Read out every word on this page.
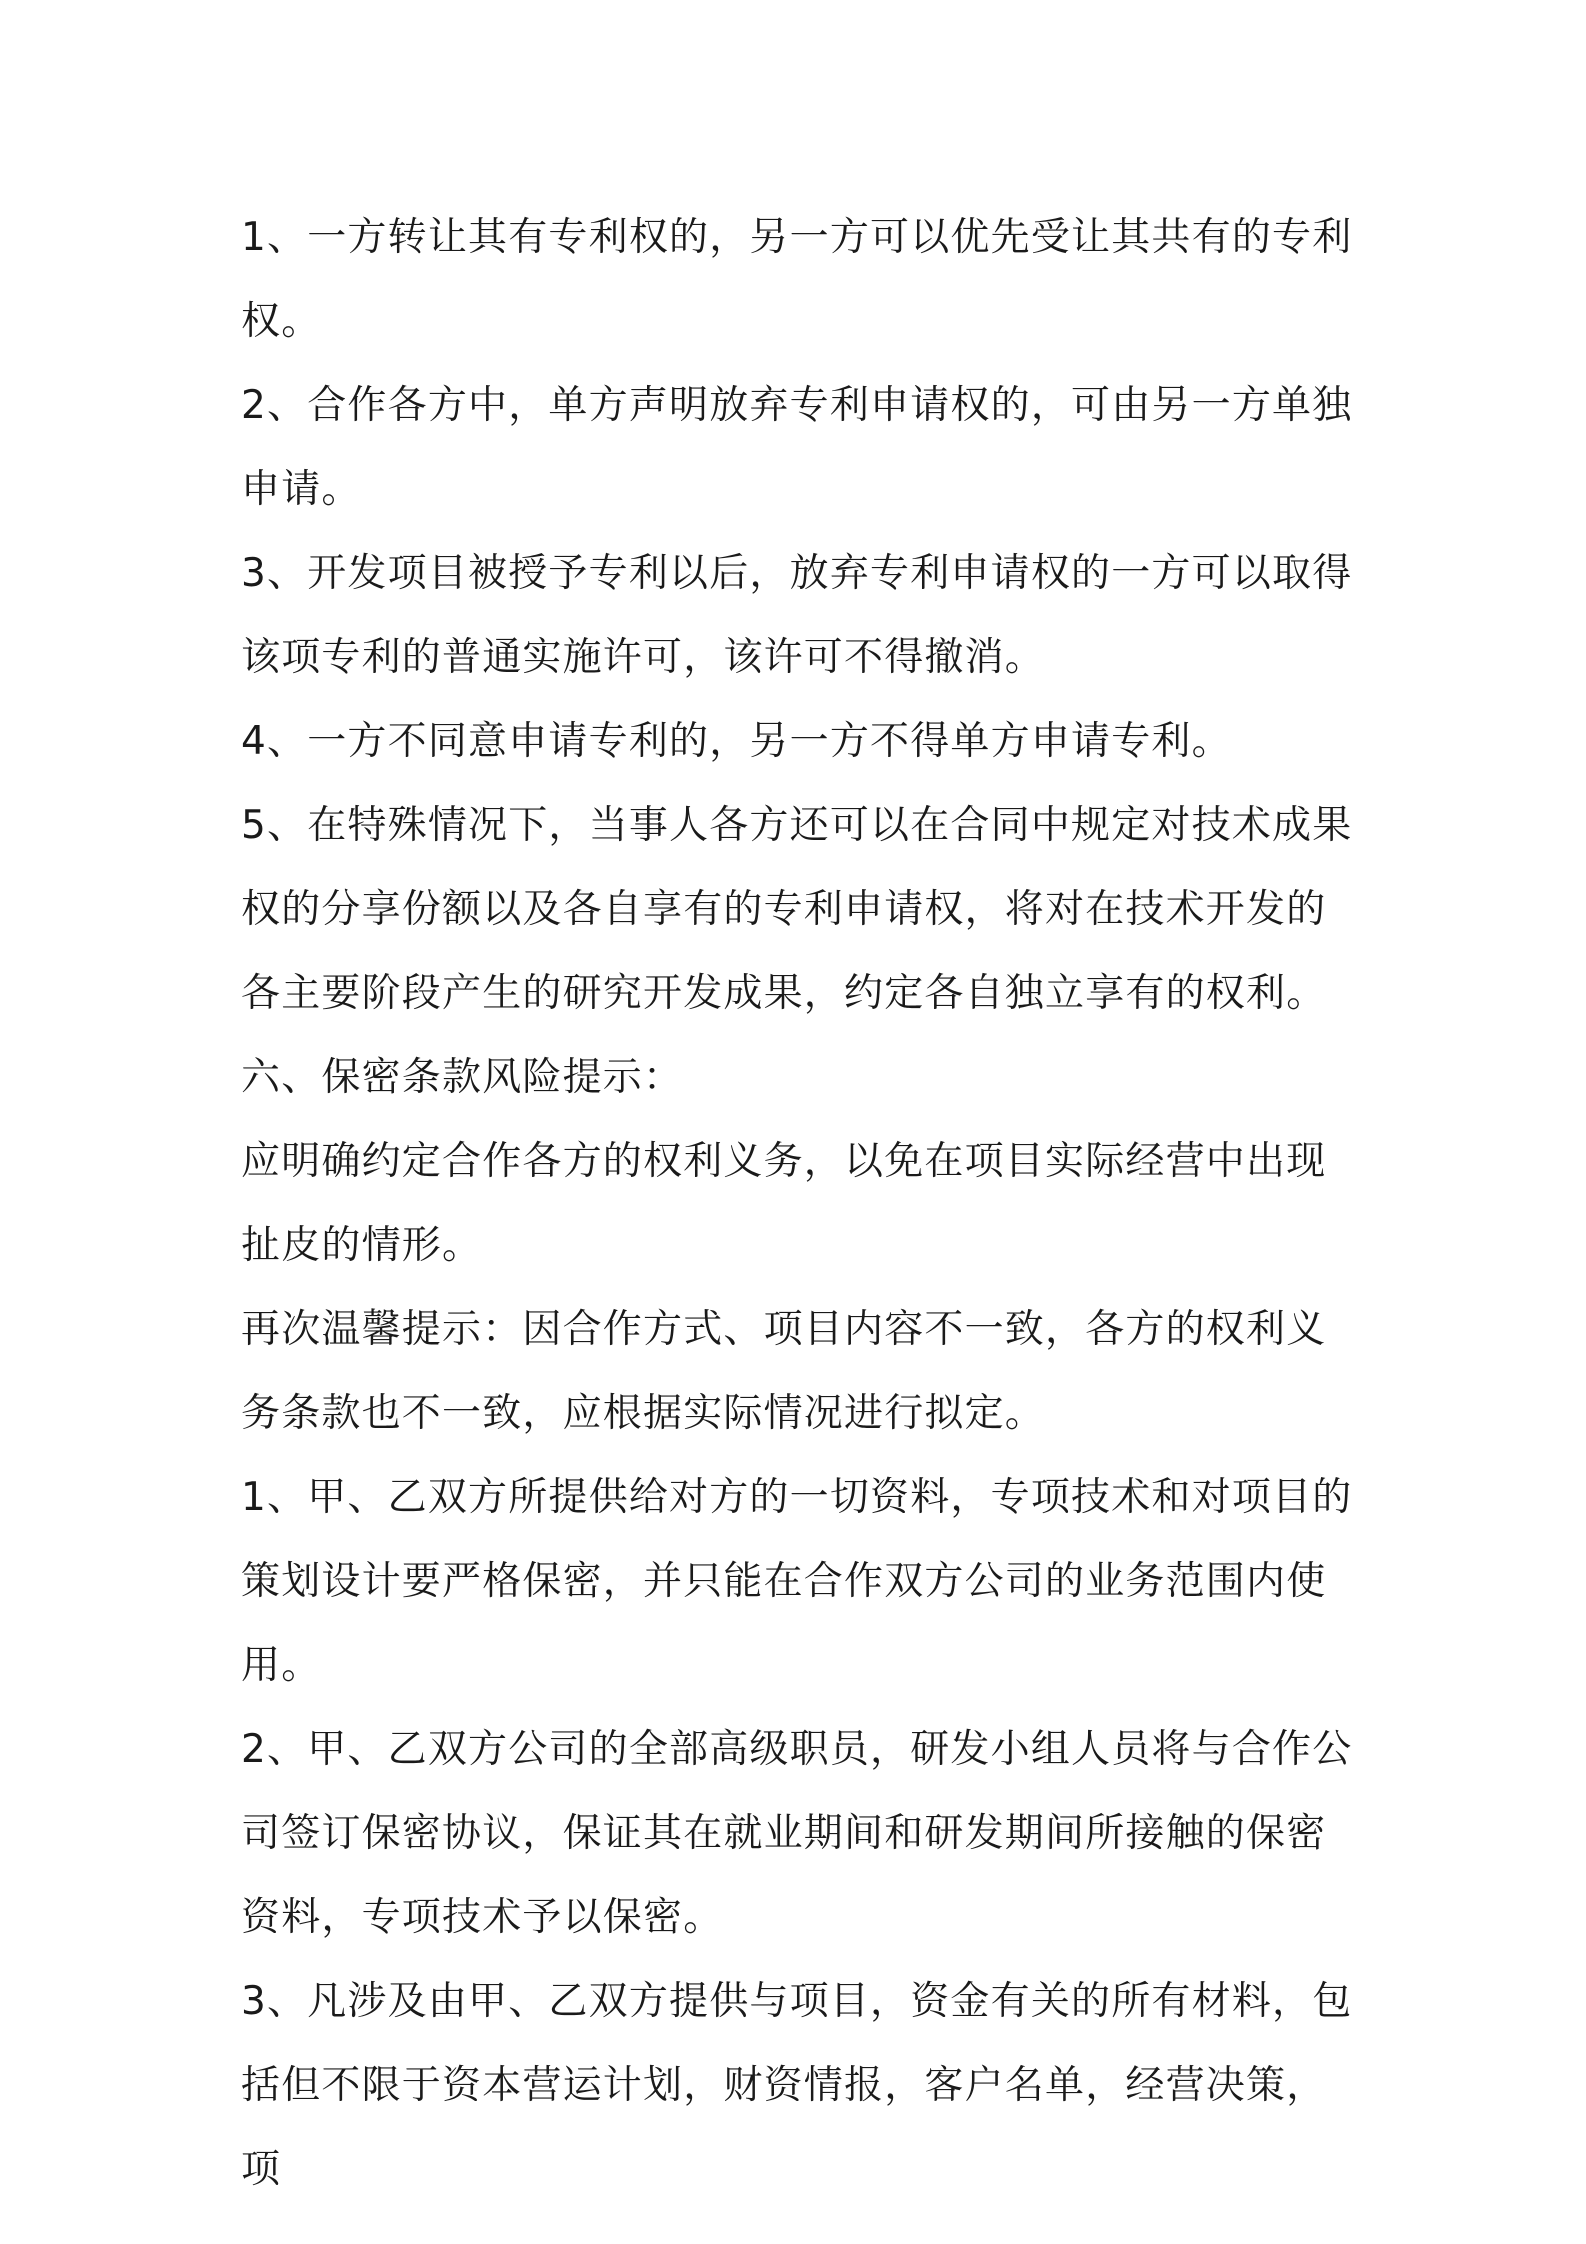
1、一方转让其有专利权的，另一方可以优先受让其共有的专利权。

2、合作各方中，单方声明放弃专利申请权的，可由另一方单独申请。

3、开发项目被授予专利以后，放弃专利申请权的一方可以取得该项专利的普通实施许可，该许可不得撤消。

4、一方不同意申请专利的，另一方不得单方申请专利。

5、在特殊情况下，当事人各方还可以在合同中规定对技术成果权的分享份额以及各自享有的专利申请权，将对在技术开发的各主要阶段产生的研究开发成果，约定各自独立享有的权利。

六、保密条款风险提示：

应明确约定合作各方的权利义务，以免在项目实际经营中出现扯皮的情形。

再次温馨提示：因合作方式、项目内容不一致，各方的权利义务条款也不一致，应根据实际情况进行拟定。

1、甲、乙双方所提供给对方的一切资料，专项技术和对项目的策划设计要严格保密，并只能在合作双方公司的业务范围内使用。

2、甲、乙双方公司的全部高级职员，研发小组人员将与合作公司签订保密协议，保证其在就业期间和研发期间所接触的保密资料，专项技术予以保密。

3、凡涉及由甲、乙双方提供与项目，资金有关的所有材料，包括但不限于资本营运计划，财资情报，客户名单，经营决策，项
